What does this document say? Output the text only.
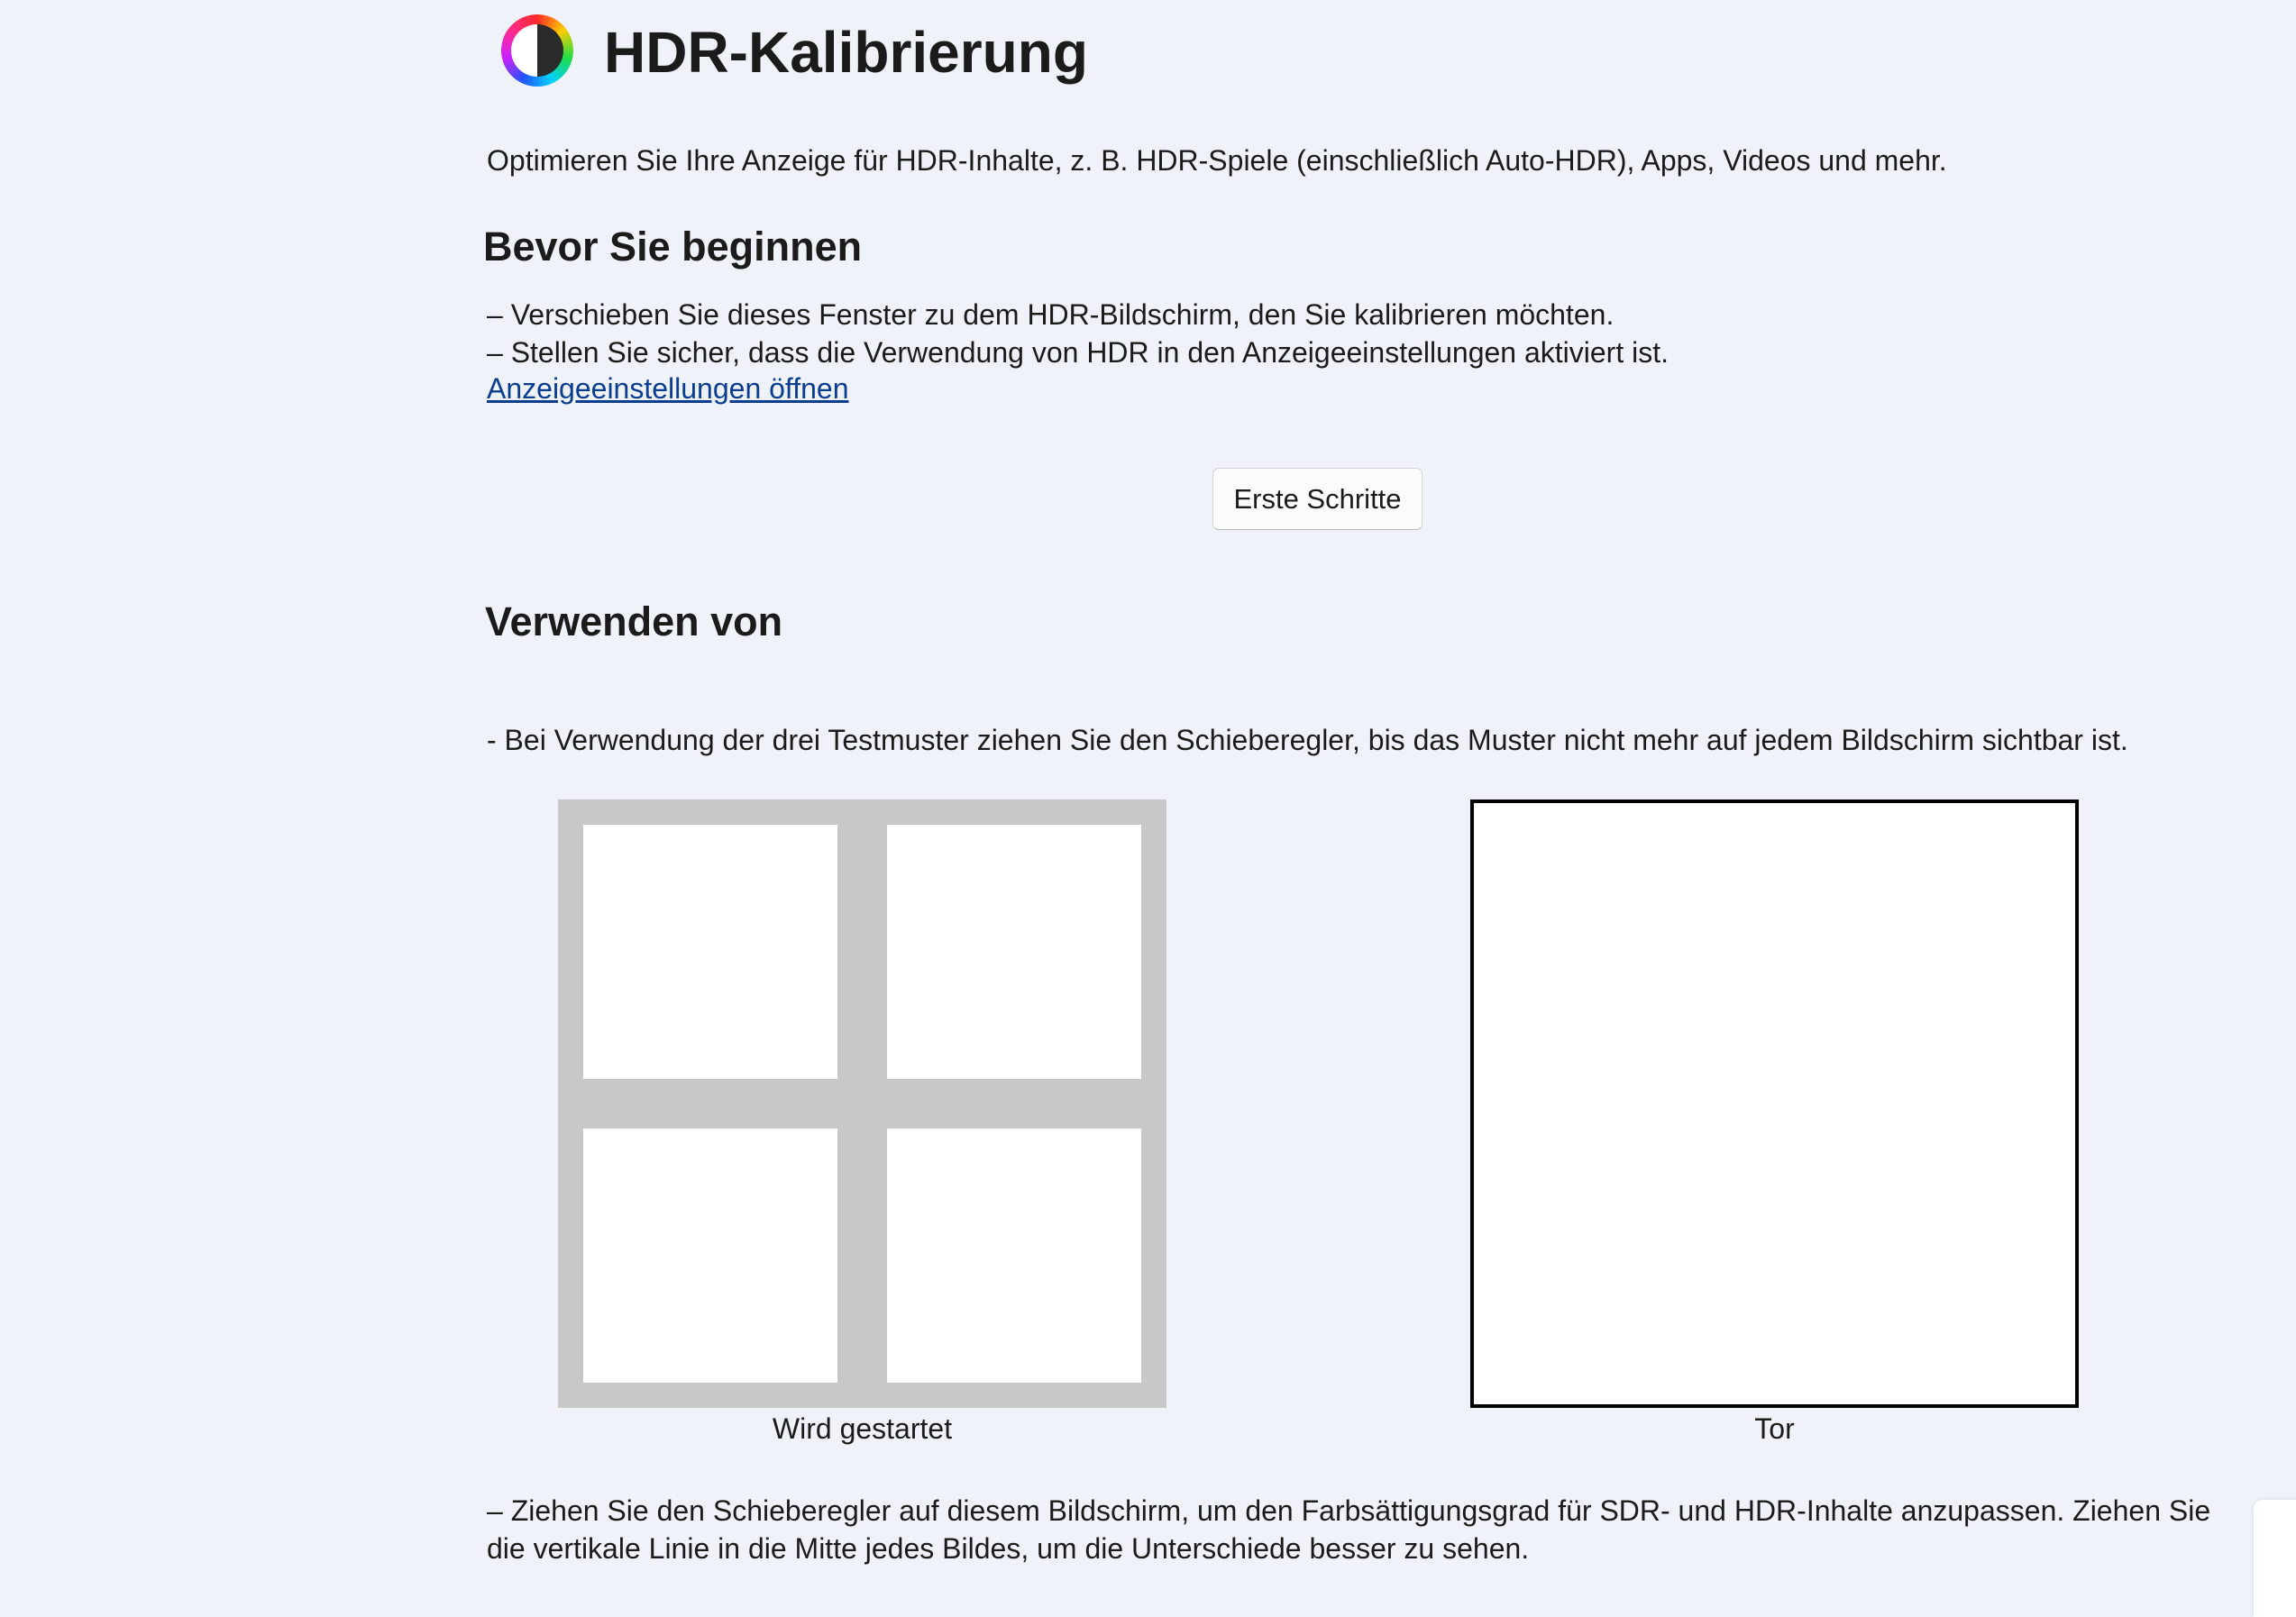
HDR-Kalibrierung

Optimieren Sie Ihre Anzeige für HDR-Inhalte, z. B. HDR-Spiele (einschließlich Auto-HDR), Apps, Videos und mehr.

Bevor Sie beginnen

– Verschieben Sie dieses Fenster zu dem HDR-Bildschirm, den Sie kalibrieren möchten.

– Stellen Sie sicher, dass die Verwendung von HDR in den Anzeigeeinstellungen aktiviert ist.

Anzeigeeinstellungen öffnen
Erste Schritte
Verwenden von

- Bei Verwendung der drei Testmuster ziehen Sie den Schieberegler, bis das Muster nicht mehr auf jedem Bildschirm sichtbar ist.

Wird gestartet	Tor

– Ziehen Sie den Schieberegler auf diesem Bildschirm, um den Farbsättigungsgrad für SDR- und HDR-Inhalte anzupassen. Ziehen Sie

die vertikale Linie in die Mitte jedes Bildes, um die Unterschiede besser zu sehen.
